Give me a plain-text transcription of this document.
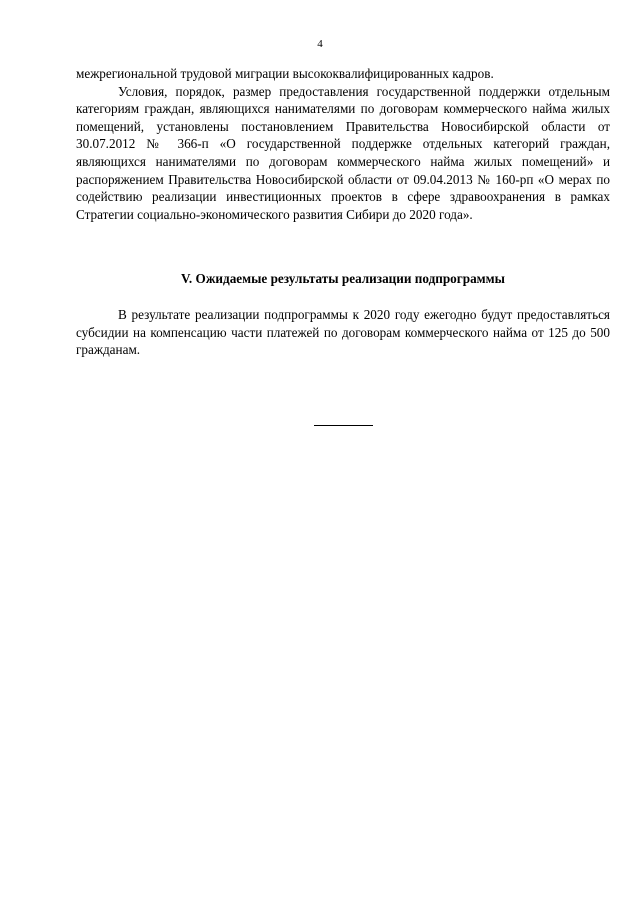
4

межрегиональной трудовой миграции высококвалифицированных кадров.

Условия, порядок, размер предоставления государственной поддержки отдельным категориям граждан, являющихся нанимателями по договорам коммерческого найма жилых помещений, установлены постановлением Правительства Новосибирской области от 30.07.2012 № 366-п «О государственной поддержке отдельных категорий граждан, являющихся нанимателями по договорам коммерческого найма жилых помещений» и распоряжением Правительства Новосибирской области от 09.04.2013 № 160-рп «О мерах по содействию реализации инвестиционных проектов в сфере здравоохранения в рамках Стратегии социально-экономического развития Сибири до 2020 года».

V. Ожидаемые результаты реализации подпрограммы

В результате реализации подпрограммы к 2020 году ежегодно будут предоставляться субсидии на компенсацию части платежей по договорам коммерческого найма от 125 до 500 гражданам.
